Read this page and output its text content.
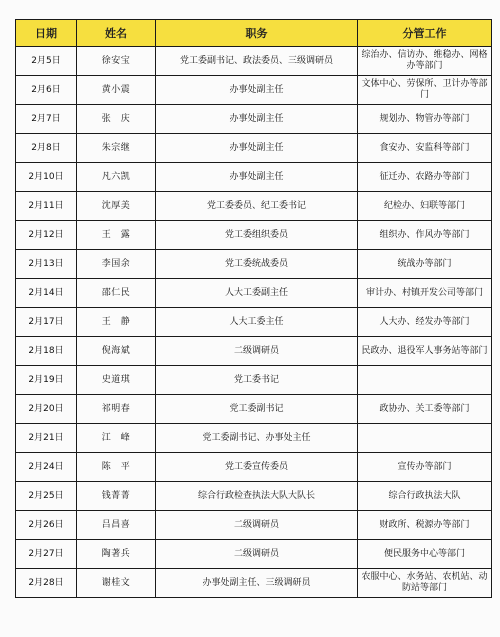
日期	姓名	职务	分管工作
2月5日	徐安宝	党工委副书记、政法委员、三级调研员	综治办、信访办、维稳办、网格办等部门
2月6日	黄小震	办事处副主任	文体中心、劳保所、卫计办等部门
2月7日	张　庆	办事处副主任	规划办、物管办等部门
2月8日	朱宗继	办事处副主任	食安办、安监科等部门
2月10日	凡六凯	办事处副主任	征迁办、农路办等部门
2月11日	沈厚美	党工委委员、纪工委书记	纪检办、妇联等部门
2月12日	王　露	党工委组织委员	组织办、作风办等部门
2月13日	李国余	党工委统战委员	统战办等部门
2月14日	邵仁民	人大工委副主任	审计办、村镇开发公司等部门
2月17日	王　静	人大工委主任	人大办、经发办等部门
2月18日	倪海斌	二级调研员	民政办、退役军人事务站等部门
2月19日	史道琪	党工委书记	
2月20日	祁明春	党工委副书记	政协办、关工委等部门
2月21日	江　峰	党工委副书记、办事处主任	
2月24日	陈　平	党工委宣传委员	宣传办等部门
2月25日	钱菁菁	综合行政检查执法大队大队长	综合行政执法大队
2月26日	吕昌喜	二级调研员	财政所、税源办等部门
2月27日	陶著兵	二级调研员	便民服务中心等部门
2月28日	谢桂文	办事处副主任、三级调研员	农服中心、水务站、农机站、动防站等部门
